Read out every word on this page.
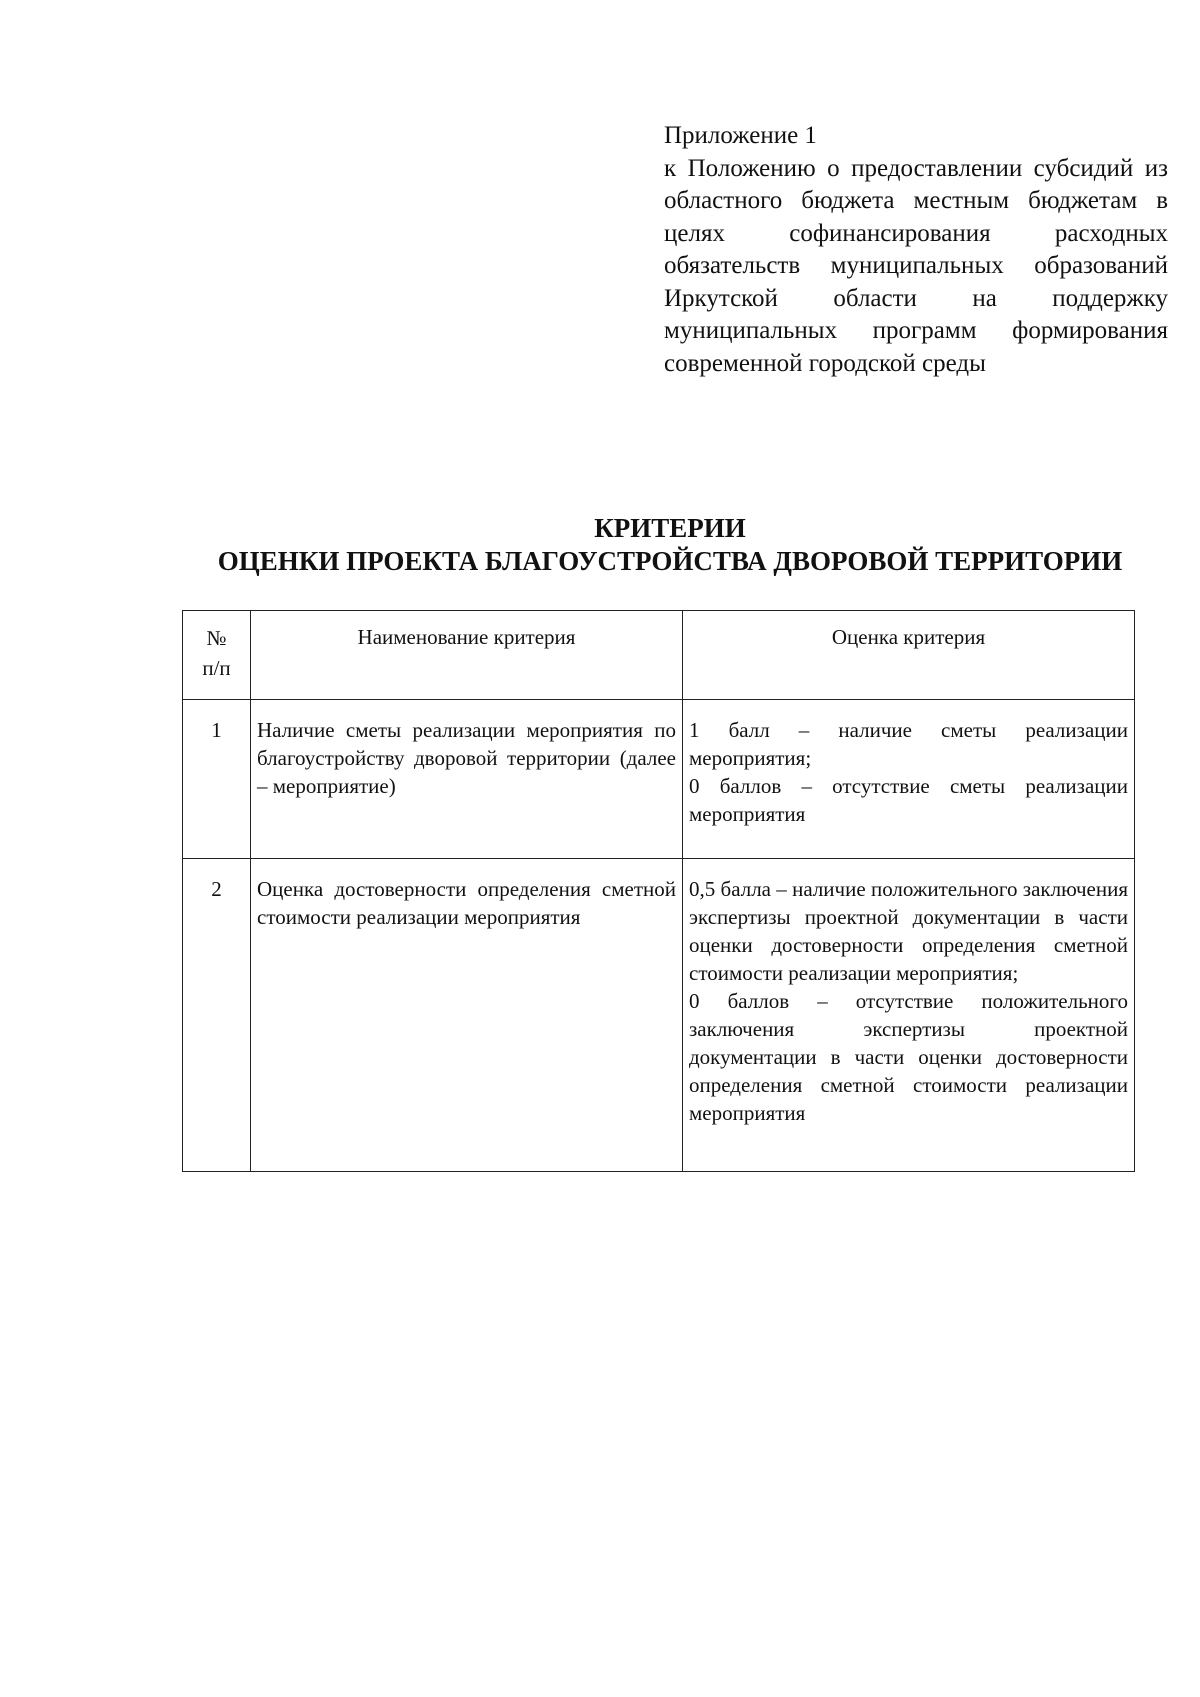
Приложение 1
к Положению о предоставлении субсидий из областного бюджета местным бюджетам в целях софинансирования расходных обязательств муниципальных образований Иркутской области на поддержку муниципальных программ формирования современной городской среды
КРИТЕРИИ
ОЦЕНКИ ПРОЕКТА БЛАГОУСТРОЙСТВА ДВОРОВОЙ ТЕРРИТОРИИ
№
п/п	Наименование критерия	Оценка критерия
1	Наличие сметы реализации мероприятия по благоустройству дворовой территории (далее – мероприятие)	1 балл – наличие сметы реализации мероприятия;
0 баллов – отсутствие сметы реализации мероприятия

2	Оценка достоверности определения сметной стоимости реализации мероприятия	0,5 балла – наличие положительного заключения экспертизы проектной документации в части оценки достоверности определения сметной стоимости реализации мероприятия;
0 баллов – отсутствие положительного заключения экспертизы проектной документации в части оценки достоверности определения сметной стоимости реализации мероприятия
